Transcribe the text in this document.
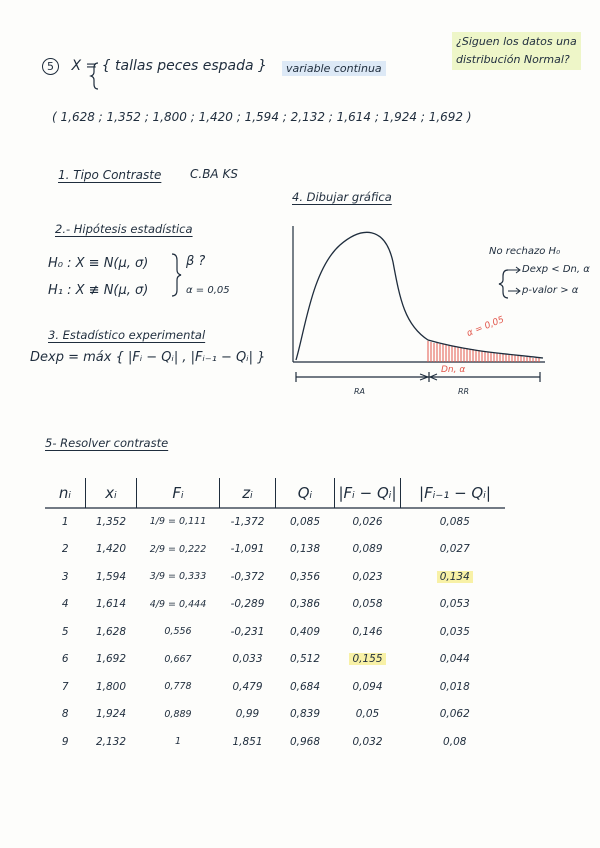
5 X = { tallas peces espada }	variable continua
¿Siguen los datos una
distribución Normal?
( 1,628 ; 1,352 ; 1,800 ; 1,420 ; 1,594 ; 2,132 ; 1,614 ; 1,924 ; 1,692 )
1. Tipo Contraste C.BA KS
2.- Hipótesis estadística
H₀ : X ≡ N(μ, σ)
H₁ : X ≢ N(μ, σ)
β ?
α = 0,05
3. Estadístico experimental
Dexp = máx { |Fᵢ − Qᵢ| , |Fᵢ₋₁ − Qᵢ| }
4. Dibujar gráfica
No rechazo H₀
Dexp < Dn, α
p-valor > α
α = 0,05
Dn, α
RA	RR
5- Resolver contraste
nᵢ	xᵢ	Fᵢ	zᵢ	Qᵢ	|Fᵢ − Qᵢ|	|Fᵢ₋₁ − Qᵢ|
1	1,352	1/9 = 0,111	-1,372	0,085	0,026	0,085
2	1,420	2/9 = 0,222	-1,091	0,138	0,089	0,027
3	1,594	3/9 = 0,333	-0,372	0,356	0,023	0,134
4	1,614	4/9 = 0,444	-0,289	0,386	0,058	0,053
5	1,628	0,556	-0,231	0,409	0,146	0,035
6	1,692	0,667	0,033	0,512	0,155	0,044
7	1,800	0,778	0,479	0,684	0,094	0,018
8	1,924	0,889	0,99	0,839	0,05	0,062
9	2,132	1	1,851	0,968	0,032	0,08
